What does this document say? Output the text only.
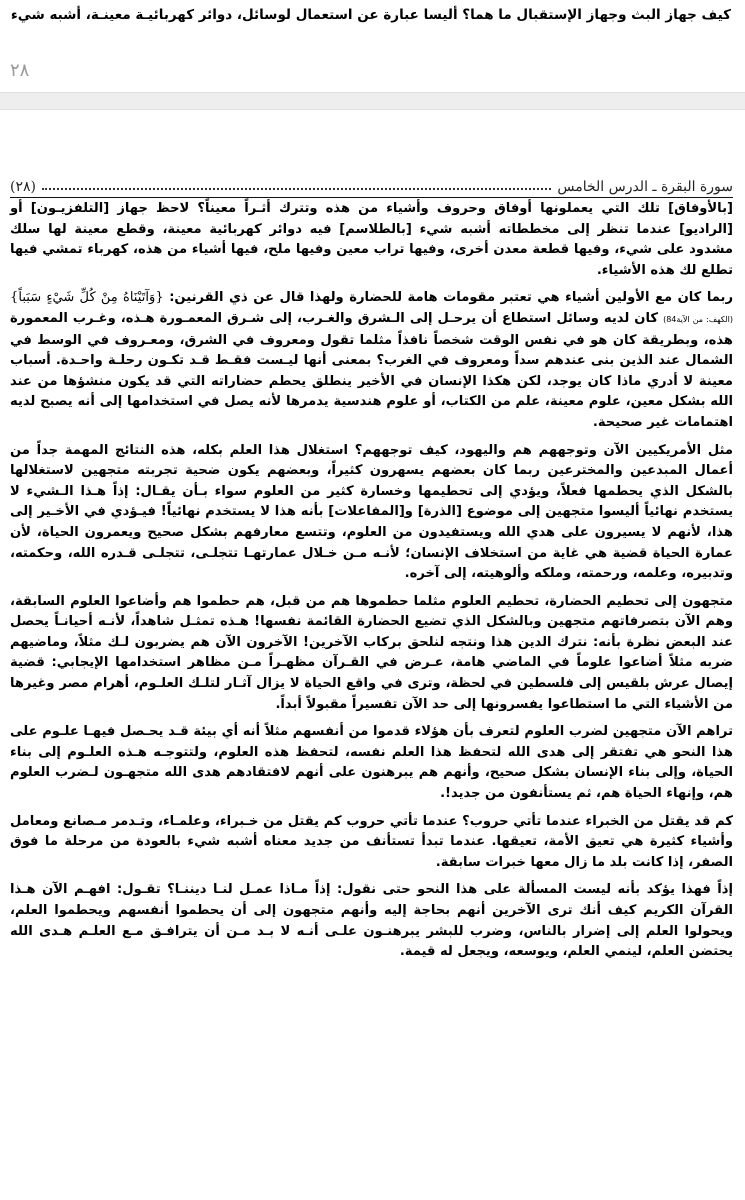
كيف جهاز البث وجهاز الإستقبال ما هما؟ أليسا عبارة عن استعمال لوسائل، دوائر كهربائيـة معينـة، أشبه شيء
٢٨
سورة البقرة ـ الدرس الخامس
(٢٨)

[بالأوفاق] تلك التي يعملونها أوفاق وحروف وأشياء من هذه وتترك أثـراً معيناً؟ لاحظ جهاز [التلفزيـون] أو [الراديو] عندما تنظر إلى مخططاته أشبه شيء [بالطلاسم] فيه دوائر كهربائية معينة، وقطع معينة لها سلك مشدود على شيء، وفيها قطعة معدن أخرى، وفيها تراب معين وفيها ملح، فيها أشياء من هذه، كهرباء تمشي فيها تطلع لك هذه الأشياء.

ربما كان مع الأولين أشياء هي تعتبر مقومات هامة للحضارة ولهذا قال عن ذي القرنين: {وَآتَيْنَاهُ مِنْ كُلِّ شَيْءٍ سَبَباً} (الكهف: من الآية84) كان لديه وسائل استطاع أن يرحـل إلى الـشرق والغـرب، إلى شـرق المعمـورة هـذه، وغـرب المعمورة هذه، وبطريقة كان هو في نفس الوقت شخصاً نافذاً مثلما تقول ومعروف في الشرق، ومعـروف في الوسط في الشمال عند الذين بنى عندهم سداً ومعروف في الغرب؟ بمعنى أنها ليـست فقـط قـد تكـون رحلـة واحـدة. أسباب معينة لا أدري ماذا كان يوجد، لكن هكذا الإنسان في الأخير ينطلق يحطم حضاراته التي قد يكون منشؤها من عند الله بشكل معين، علوم معينة، علم من الكتاب، أو علوم هندسية يدمرها لأنه يصل في استخدامها إلى أنه يصبح لديه اهتمامات غير صحيحة.

مثل الأمريكيين الآن وتوجههم هم واليهود، كيف توجههم؟ استغلال هذا العلم بكله، هذه النتائج المهمة جداً من أعمال المبدعين والمخترعين ربما كان بعضهم يسهرون كثيراً، وبعضهم يكون ضحية تجربته متجهين لاستغلالها بالشكل الذي يحطمها فعلاً، ويؤدي إلى تحطيمها وخسارة كثير من العلوم سواء بـأن يقـال: إذاً هـذا الـشيء لا يستخدم نهائياً أليسوا متجهين إلى موضوع [الذرة] و[المفاعلات] بأنه هذا لا يستخدم نهائياً! فيـؤدي في الأخـير إلى هذا، لأنهم لا يسيرون على هدي الله ويستفيدون من العلوم، وتتسع معارفهم بشكل صحيح ويعمرون الحياة، لأن عمارة الحياة قضية هي غاية من استخلاف الإنسان؛ لأنـه مـن خـلال عمارتهـا تتجلـى، تتجلـى قـدره الله، وحكمته، وتدبيره، وعلمه، ورحمته، وملكه وألوهيته، إلى آخره.

متجهون إلى تحطيم الحضارة، تحطيم العلوم مثلما حطموها هم من قبل، هم حطموا هم وأضاعوا العلوم السابقة، وهم الآن بتصرفاتهم متجهين وبالشكل الذي تضيع الحضارة القائمة نفسها! هـذه تمثـل شاهداً، لأنـه أحيانـاً يحصل عند البعض نظرة بأنه: نترك الدين هذا ونتجه لنلحق بركاب الآخرين! الآخرون الآن هم يضربون لـك مثلاً، وماضيهم ضربه مثلاً أضاعوا علوماً في الماضي هامة، عـرض في القـرآن مظهـراً مـن مظاهر استخدامها الإيجابي: قضية إيصال عرش بلقيس إلى فلسطين في لحظة، وترى في واقع الحياة لا يزال آثـار لتلـك العلـوم، أهرام مصر وغيرها من الأشياء التي ما استطاعوا يفسرونها إلى حد الآن تفسيراً مقبولاً أبداً.

تراهم الآن متجهين لضرب العلوم لتعرف بأن هؤلاء قدموا من أنفسهم مثلاً أنه أي بيئة قـد يحـصل فيهـا علـوم على هذا النحو هي تفتقر إلى هدى الله لتحفظ هذا العلم نفسه، لتحفظ هذه العلوم، ولتتوجـه هـذه العلـوم إلى بناء الحياة، وإلى بناء الإنسان بشكل صحيح، وأنهم هم يبرهنون على أنهم لافتقادهم هدى الله متجهـون لـضرب العلوم هم، وإنهاء الحياة هم، ثم يستأنفون من جديد!.

كم قد يقتل من الخبراء عندما تأتي حروب؟ عندما تأتي حروب كم يقتل من خـبراء، وعلمـاء، وتـدمر مـصانع ومعامل وأشياء كثيرة هي تعيق الأمة، تعيقها. عندما تبدأ تستأنف من جديد معناه أشبه شيء بالعودة من مرحلة ما فوق الصفر، إذا كانت بلد ما زال معها خبرات سابقة.

إذاً فهذا يؤكد بأنه ليست المسألة على هذا النحو حتى نقول: إذاً مـاذا عمـل لنـا ديننـا؟ تقـول: افهـم الآن هـذا القرآن الكريم كيف أنك ترى الآخرين أنهم بحاجة إليه وأنهم متجهون إلى أن يحطموا أنفسهم ويحطموا العلم، ويحولوا العلم إلى إضرار بالناس، وضرب للبشر يبرهنـون علـى أنـه لا بـد مـن أن يترافـق مـع العلـم هـدى الله يحتضن العلم، لينمي العلم، ويوسعه، ويجعل له قيمة.
